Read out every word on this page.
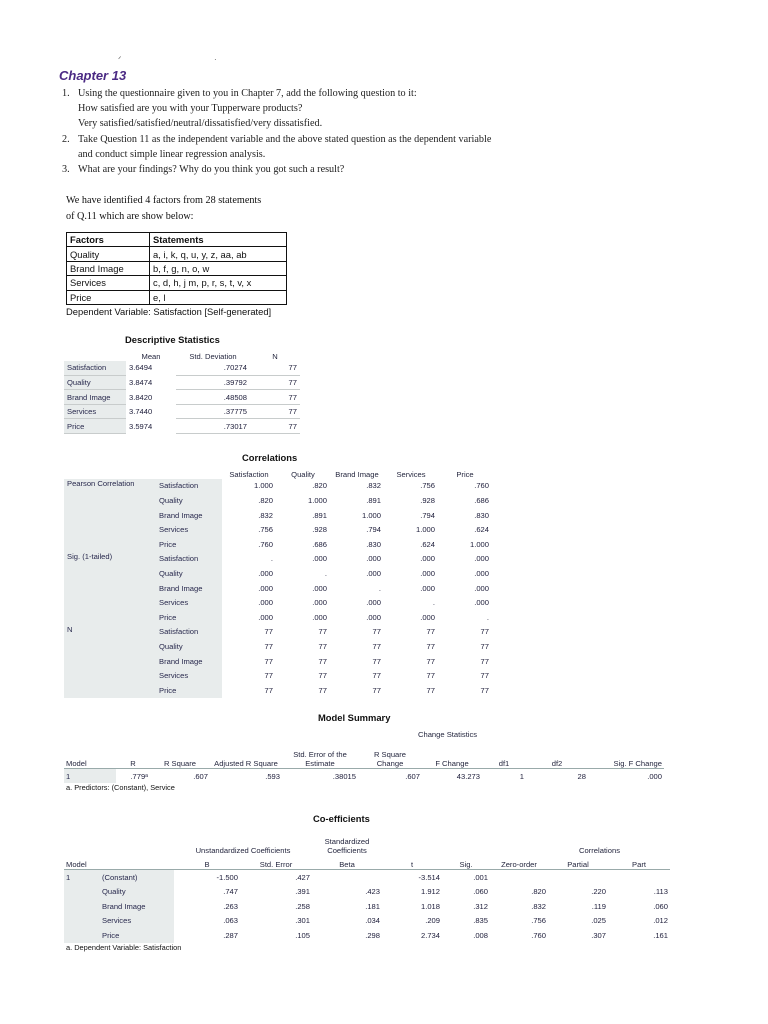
ᐟ	·
Chapter 13
1. Using the questionnaire given to you in Chapter 7, add the following question to it:
How satisfied are you with your Tupperware products?
Very satisfied/satisfied/neutral/dissatisfied/very dissatisfied.
2. Take Question 11 as the independent variable and the above stated question as the dependent variable
and conduct simple linear regression analysis.
3. What are your findings? Why do you think you got such a result?
We have identified 4 factors from 28 statements
of Q.11 which are show below:
Factors	Statements
Quality	a, i, k, q, u, y, z, aa, ab
Brand Image	b, f, g, n, o, w
Services	c, d, h, j m, p, r, s, t, v, x
Price	e, l
Dependent Variable: Satisfaction [Self-generated]
Descriptive Statistics
	Mean	Std. Deviation	N
Satisfaction	3.6494	.70274	77
Quality	3.8474	.39792	77
Brand Image	3.8420	.48508	77
Services	3.7440	.37775	77
Price	3.5974	.73017	77
Correlations
		Satisfaction	Quality	Brand Image	Services	Price
Pearson Correlation	Satisfaction	1.000	.820	.832	.756	.760
	Quality	.820	1.000	.891	.928	.686
	Brand Image	.832	.891	1.000	.794	.830
	Services	.756	.928	.794	1.000	.624
	Price	.760	.686	.830	.624	1.000
Sig. (1-tailed)	Satisfaction	.	.000	.000	.000	.000
	Quality	.000	.	.000	.000	.000
	Brand Image	.000	.000	.	.000	.000
	Services	.000	.000	.000	.	.000
	Price	.000	.000	.000	.000	.
N	Satisfaction	77	77	77	77	77
	Quality	77	77	77	77	77
	Brand Image	77	77	77	77	77
	Services	77	77	77	77	77
	Price	77	77	77	77	77
Model Summary
					Change Statistics				
Model	R	R Square	Adjusted R Square	Std. Error of the Estimate	R Square Change	F Change	df1	df2	Sig. F Change
1	.779ᵃ	.607	.593	.38015	.607	43.273	1	28	.000
a. Predictors: (Constant), Service
Co-efficients
		Unstandardized Coefficients		Standardized Coefficients			Correlations		
Model		B	Std. Error	Beta	t	Sig.	Zero-order	Partial	Part
1	(Constant)	-1.500	.427		-3.514	.001			
	Quality	.747	.391	.423	1.912	.060	.820	.220	.113
	Brand Image	.263	.258	.181	1.018	.312	.832	.119	.060
	Services	.063	.301	.034	.209	.835	.756	.025	.012
	Price	.287	.105	.298	2.734	.008	.760	.307	.161
a. Dependent Variable: Satisfaction
